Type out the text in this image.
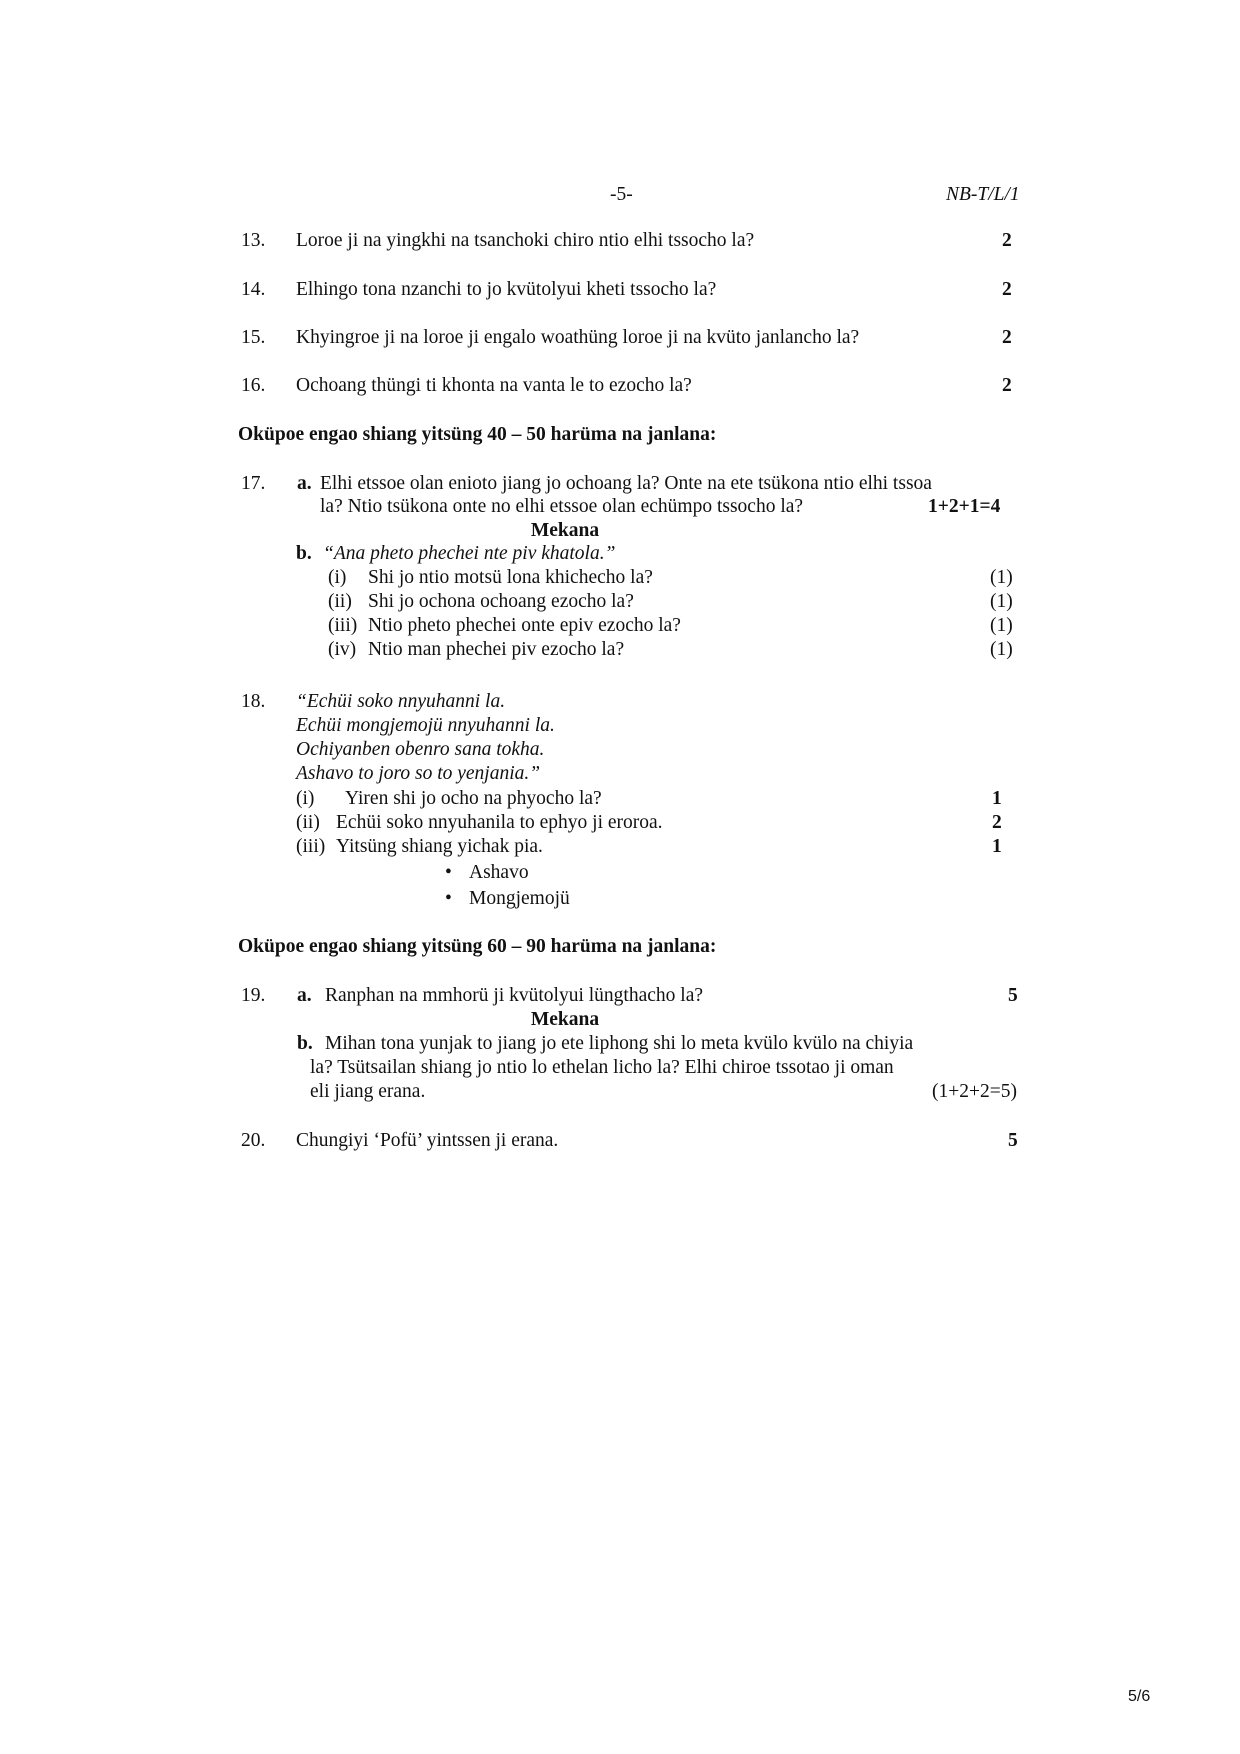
-5-	NB-T/L/1
13. Loroe ji na yingkhi na tsanchoki chiro ntio elhi tssocho la?	2
14. Elhingo tona nzanchi to jo kvütolyui kheti tssocho la?	2
15. Khyingroe ji na loroe ji engalo woathüng loroe ji na kvüto janlancho la?	2
16. Ochoang thüngi ti khonta na vanta le to ezocho la?	2
Oküpoe engao shiang yitsüng 40 – 50 harüma na janlana:
17. a. Elhi etssoe olan enioto jiang jo ochoang la? Onte na ete tsükona ntio elhi tssoa
la? Ntio tsükona onte no elhi etssoe olan echümpo tssocho la?	1+2+1=4
Mekana
b. “Ana pheto phechei nte piv khatola.”
(i) Shi jo ntio motsü lona khichecho la?	(1)
(ii) Shi jo ochona ochoang ezocho la?	(1)
(iii) Ntio pheto phechei onte epiv ezocho la?	(1)
(iv) Ntio man phechei piv ezocho la?	(1)
18. “Echüi soko nnyuhanni la.
Echüi mongjemojü nnyuhanni la.
Ochiyanben obenro sana tokha.
Ashavo to joro so to yenjania.”
(i) Yiren shi jo ocho na phyocho la?	1
(ii) Echüi soko nnyuhanila to ephyo ji eroroa.	2
(iii) Yitsüng shiang yichak pia.	1
• Ashavo
• Mongjemojü
Oküpoe engao shiang yitsüng 60 – 90 harüma na janlana:
19. a. Ranphan na mmhorü ji kvütolyui lüngthacho la?	5
Mekana
b. Mihan tona yunjak to jiang jo ete liphong shi lo meta kvülo kvülo na chiyia
la? Tsütsailan shiang jo ntio lo ethelan licho la? Elhi chiroe tssotao ji oman
eli jiang erana.	(1+2+2=5)
20. Chungiyi ‘Pofü’ yintssen ji erana.	5
5/6
